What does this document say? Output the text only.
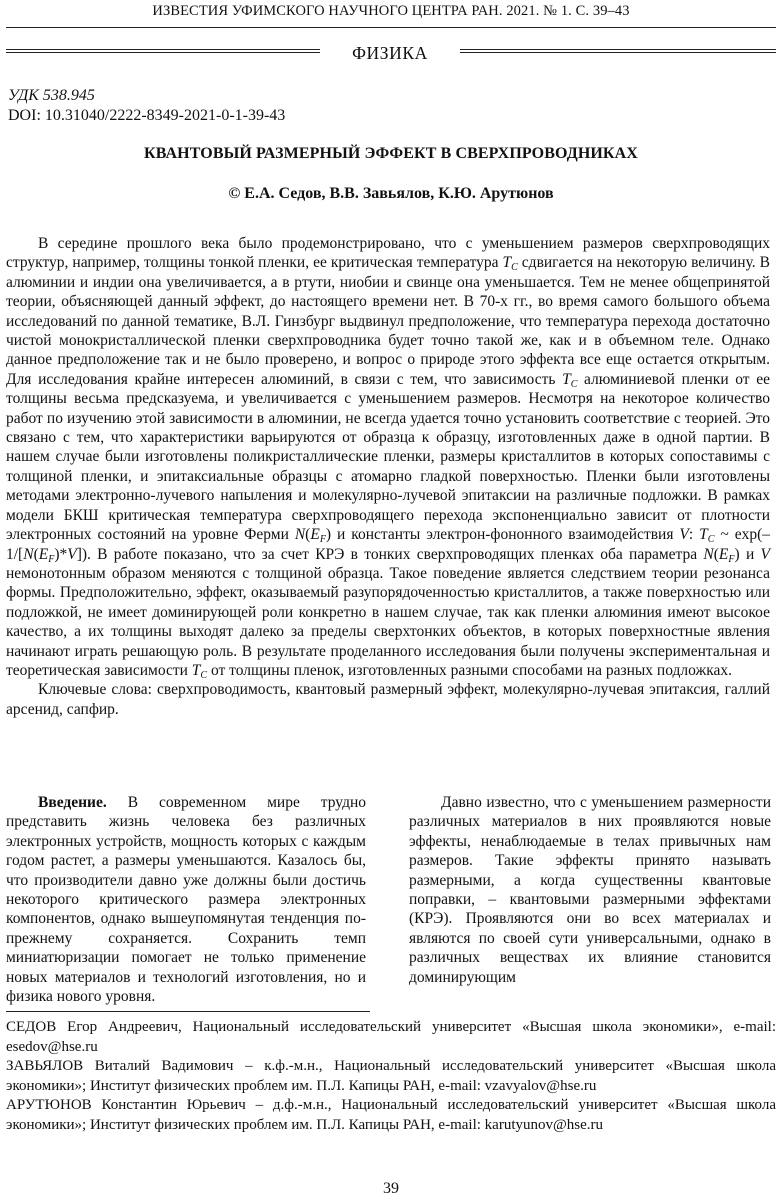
ИЗВЕСТИЯ УФИМСКОГО НАУЧНОГО ЦЕНТРА РАН. 2021. № 1. С. 39–43
ФИЗИКА
УДК 538.945
DOI: 10.31040/2222-8349-2021-0-1-39-43
КВАНТОВЫЙ РАЗМЕРНЫЙ ЭФФЕКТ В СВЕРХПРОВОДНИКАХ
© Е.А. Седов, В.В. Завьялов, К.Ю. Арутюнов

В середине прошлого века было продемонстрировано, что с уменьшением размеров сверхпроводящих структур, например, толщины тонкой пленки, ее критическая температура $T_C$ сдвигается на некоторую величину. В алюминии и индии она увеличивается, а в ртути, ниобии и свинце она уменьшается. Тем не менее общепринятой теории, объясняющей данный эффект, до настоящего времени нет. В 70-х гг., во время самого большого объема исследований по данной тематике, В.Л. Гинзбург выдвинул предположение, что температура перехода достаточно чистой монокристаллической пленки сверхпроводника будет точно такой же, как и в объемном теле. Однако данное предположение так и не было проверено, и вопрос о природе этого эффекта все еще остается открытым. Для исследования крайне интересен алюминий, в связи с тем, что зависимость $T_C$ алюминиевой пленки от ее толщины весьма предсказуема, и увеличивается с уменьшением размеров. Несмотря на некоторое количество работ по изучению этой зависимости в алюминии, не всегда удается точно установить соответствие с теорией. Это связано с тем, что характеристики варьируются от образца к образцу, изготовленных даже в одной партии. В нашем случае были изготовлены поликристаллические пленки, размеры кристаллитов в которых сопоставимы с толщиной пленки, и эпитаксиальные образцы с атомарно гладкой поверхностью. Пленки были изготовлены методами электронно-лучевого напыления и молекулярно-лучевой эпитаксии на различные подложки. В рамках модели БКШ критическая температура сверхпроводящего перехода экспоненциально зависит от плотности электронных состояний на уровне Ферми $N(E_F)$ и константы электрон-фононного взаимодействия V: $T_C$ ~ $\exp(-1/[N(E_F)*V])$. В работе показано, что за счет КРЭ в тонких сверхпроводящих пленках оба параметра $N(E_F)$ и V немонотонным образом меняются с толщиной образца. Такое поведение является следствием теории резонанса формы. Предположительно, эффект, оказываемый разупорядоченностью кристаллитов, а также поверхностью или подложкой, не имеет доминирующей роли конкретно в нашем случае, так как пленки алюминия имеют высокое качество, а их толщины выходят далеко за пределы сверхтонких объектов, в которых поверхностные явления начинают играть решающую роль. В результате проделанного исследования были получены экспериментальная и теоретическая зависимости $T_C$ от толщины пленок, изготовленных разными способами на разных подложках.

Ключевые слова: сверхпроводимость, квантовый размерный эффект, молекулярно-лучевая эпитаксия, галлий арсенид, сапфир.

Введение. В современном мире трудно представить жизнь человека без различных электронных устройств, мощность которых с каждым годом растет, а размеры уменьшаются. Казалось бы, что производители давно уже должны были достичь некоторого критического размера электронных компонентов, однако вышеупомянутая тенденция по-прежнему сохраняется. Сохранить темп миниатюризации помогает не только применение новых материалов и технологий изготовления, но и физика нового уровня.

Давно известно, что с уменьшением размерности различных материалов в них проявляются новые эффекты, ненаблюдаемые в телах привычных нам размеров. Такие эффекты принято называть размерными, а когда существенны квантовые поправки, – квантовыми размерными эффектами (КРЭ). Проявляются они во всех материалах и являются по своей сути универсальными, однако в различных веществах их влияние становится доминирующим

СЕДОВ Егор Андреевич, Национальный исследовательский университет «Высшая школа экономики», e-mail: esedov@hse.ru

ЗАВЬЯЛОВ Виталий Вадимович – к.ф.-м.н., Национальный исследовательский университет «Высшая школа экономики»; Институт физических проблем им. П.Л. Капицы РАН, e-mail: vzavyalov@hse.ru

АРУТЮНОВ Константин Юрьевич – д.ф.-м.н., Национальный исследовательский университет «Высшая школа экономики»; Институт физических проблем им. П.Л. Капицы РАН, e-mail: karutyunov@hse.ru

39
